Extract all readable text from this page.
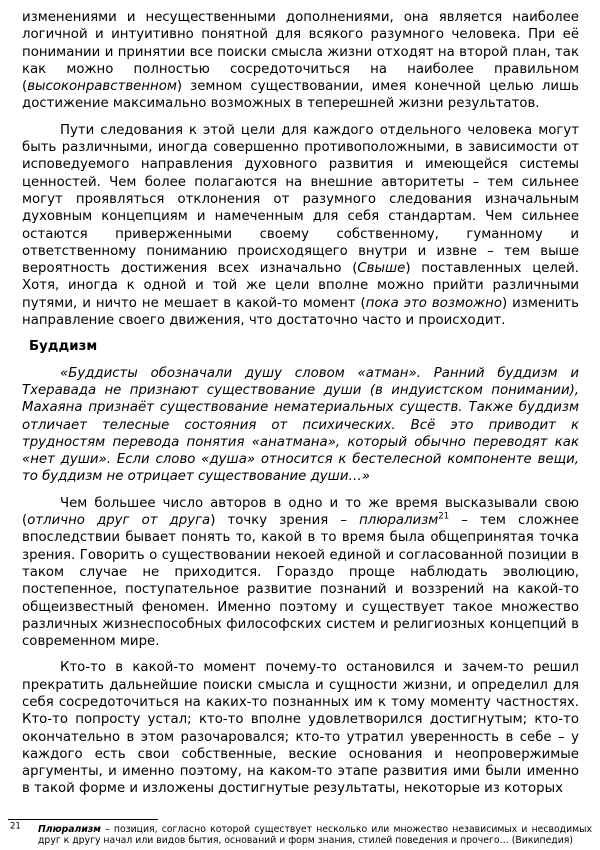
изменениями и несущественными дополнениями, она является наиболее логичной и интуитивно понятной для всякого разумного человека. При её понимании и принятии все поиски смысла жизни отходят на второй план, так как можно полностью сосредоточиться на наиболее правильном (высоконравственном) земном существовании, имея конечной целью лишь достижение максимально возможных в теперешней жизни результатов.

Пути следования к этой цели для каждого отдельного человека могут быть различными, иногда совершенно противоположными, в зависимости от исповедуемого направления духовного развития и имеющейся системы ценностей. Чем более полагаются на внешние авторитеты – тем сильнее могут проявляться отклонения от разумного следования изначальным духовным концепциям и намеченным для себя стандартам. Чем сильнее остаются приверженными своему собственному, гуманному и ответственному пониманию происходящего внутри и извне – тем выше вероятность достижения всех изначально (Свыше) поставленных целей. Хотя, иногда к одной и той же цели вполне можно прийти различными путями, и ничто не мешает в какой-то момент (пока это возможно) изменить направление своего движения, что достаточно часто и происходит.

Буддизм

«Буддисты обозначали душу словом «атман». Ранний буддизм и Тхеравада не признают существование души (в индуистском понимании), Махаяна признаёт существование нематериальных существ. Также буддизм отличает телесные состояния от психических. Всё это приводит к трудностям перевода понятия «анатмана», который обычно переводят как «нет души». Если слово «душа» относится к бестелесной компоненте вещи, то буддизм не отрицает существование души…»

Чем большее число авторов в одно и то же время высказывали свою (отлично друг от друга) точку зрения – плюрализм$^{21}$ – тем сложнее впоследствии бывает понять то, какой в то время была общепринятая точка зрения. Говорить о существовании некоей единой и согласованной позиции в таком случае не приходится. Гораздо проще наблюдать эволюцию, постепенное, поступательное развитие познаний и воззрений на какой-то общеизвестный феномен. Именно поэтому и существует такое множество различных жизнеспособных философских систем и религиозных концепций в современном мире.

Кто-то в какой-то момент почему-то остановился и зачем-то решил прекратить дальнейшие поиски смысла и сущности жизни, и определил для себя сосредоточиться на каких-то познанных им к тому моменту частностях. Кто-то попросту устал; кто-то вполне удовлетворился достигнутым; кто-то окончательно в этом разочаровался; кто-то утратил уверенность в себе – у каждого есть свои собственные, веские основания и неопровержимые аргументы, и именно поэтому, на каком-то этапе развития ими были именно в такой форме и изложены достигнутые результаты, некоторые из которых

$^{21}$	Плюрализм – позиция, согласно которой существует несколько или множество независимых и несводимых друг к другу начал или видов бытия, оснований и форм знания, стилей поведения и прочего… (Википедия)
